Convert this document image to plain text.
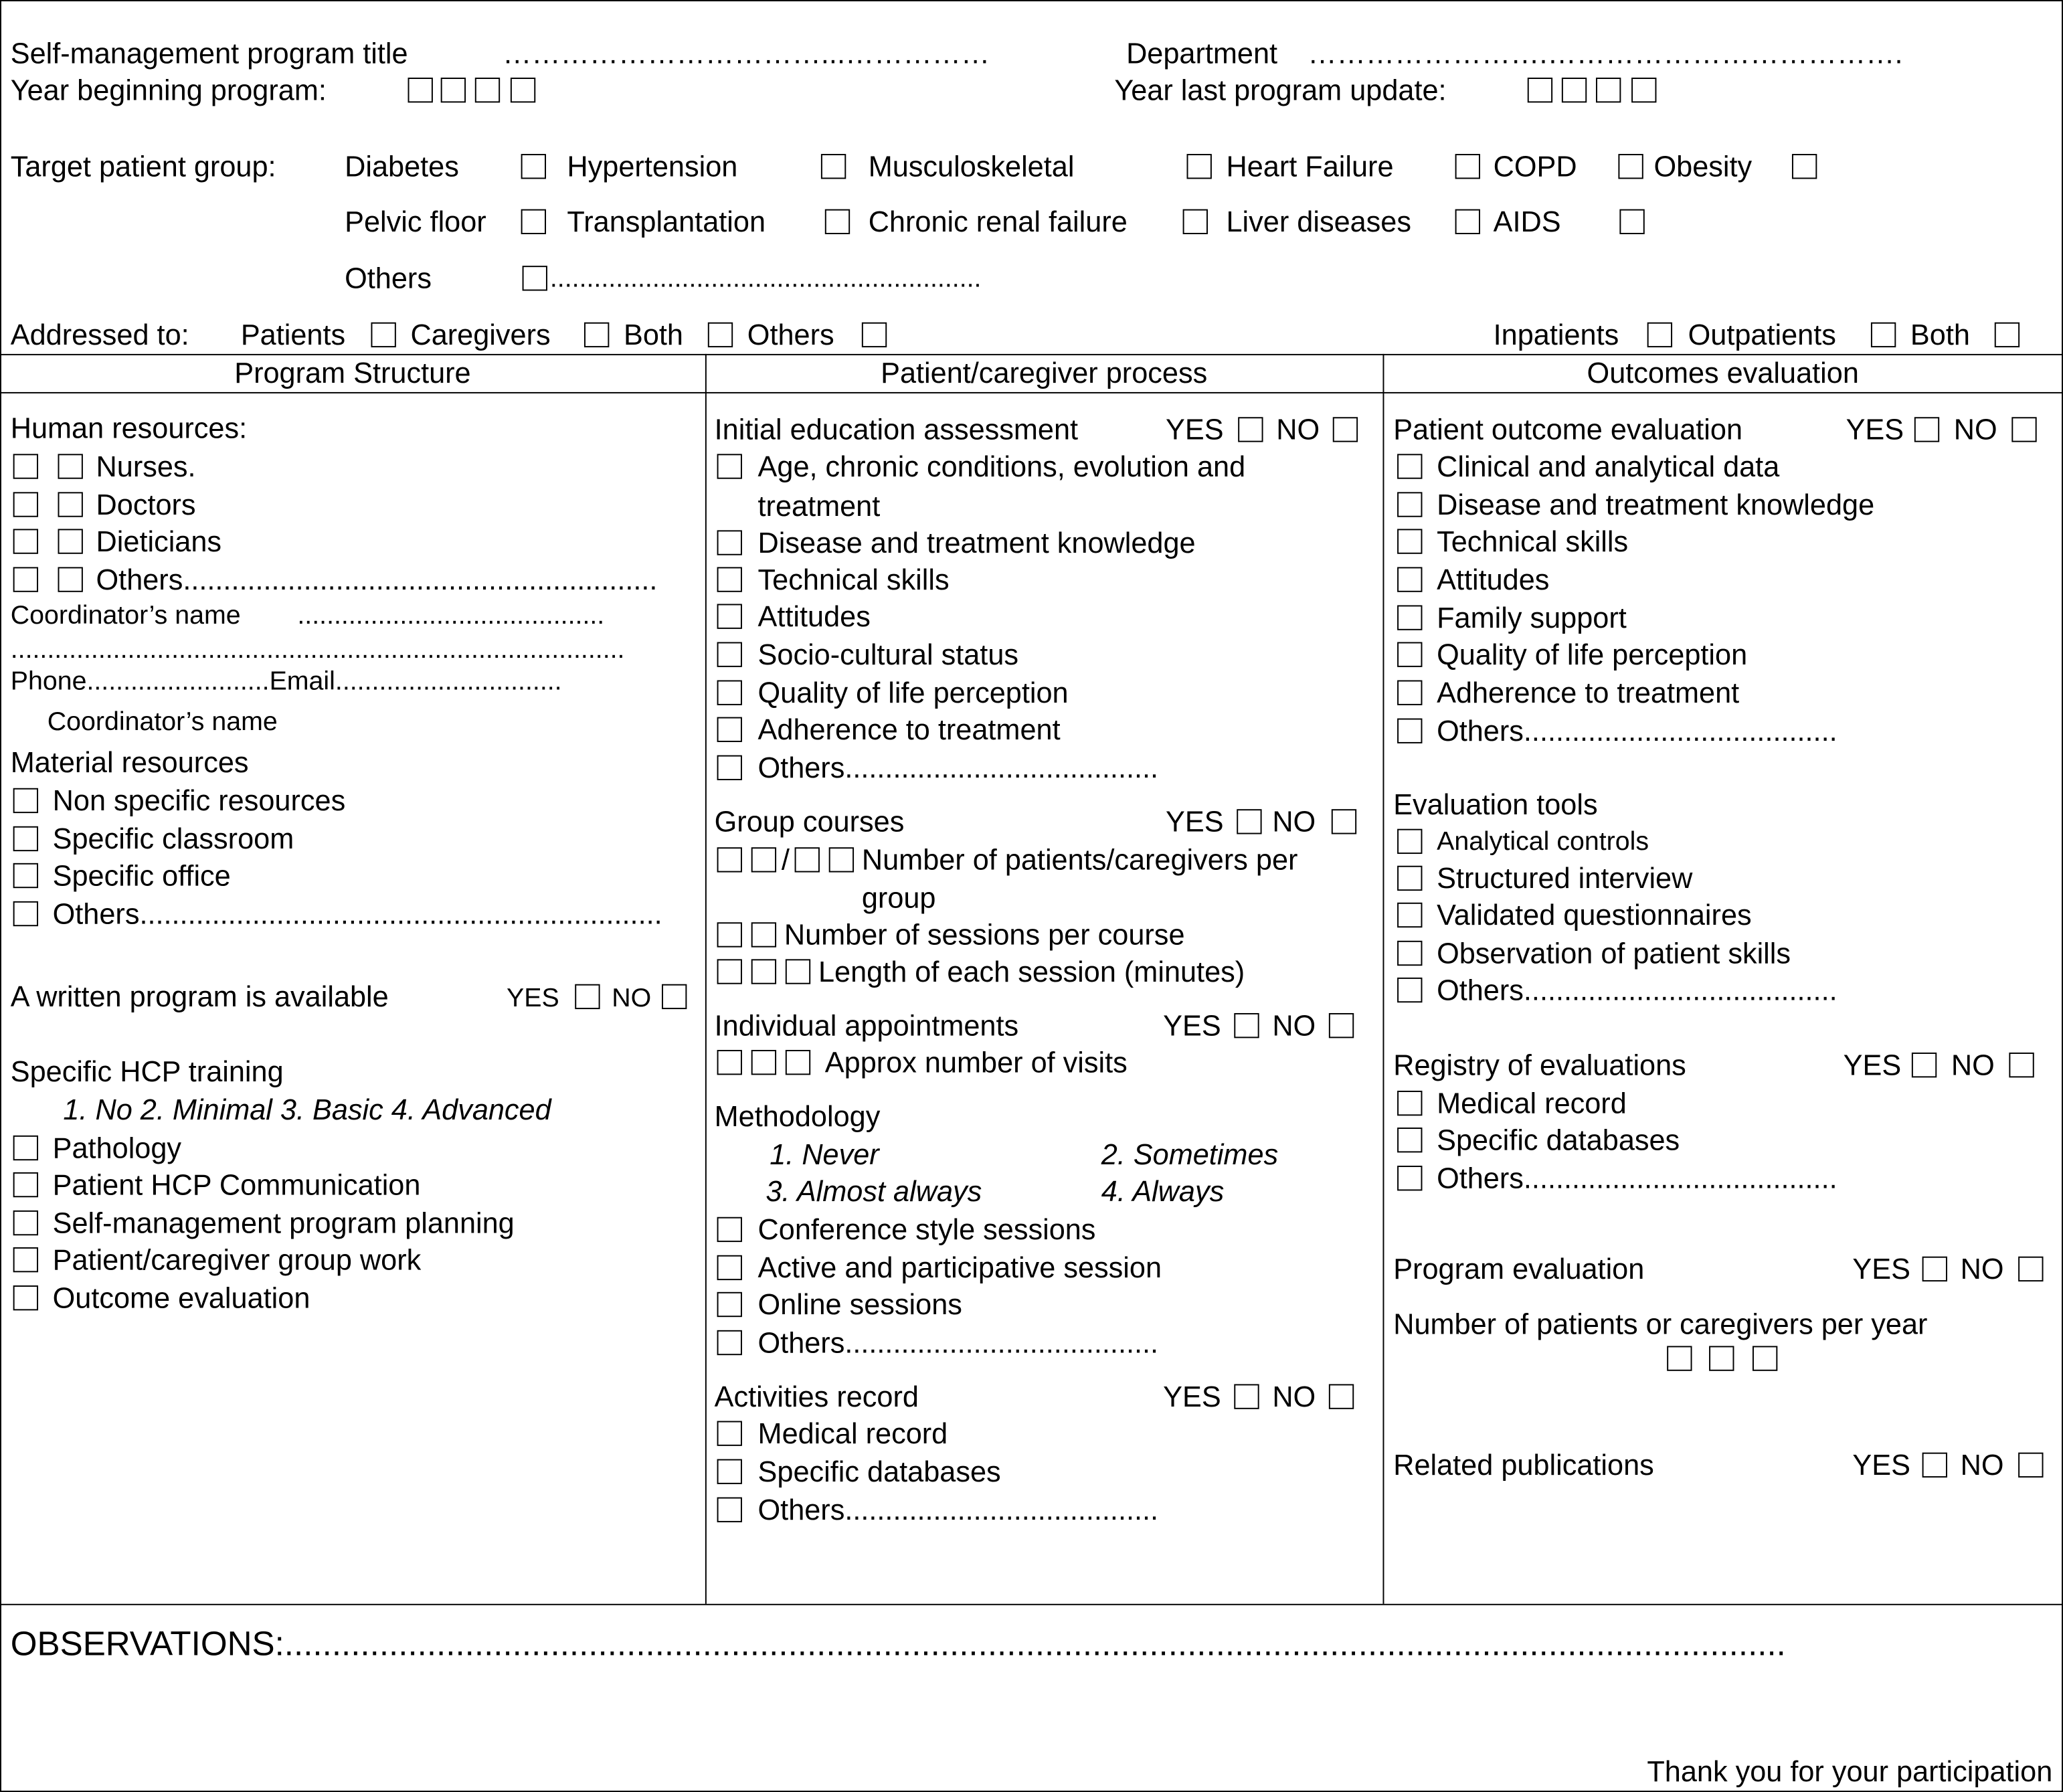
Self-management program title	……………………………...……………	Department …………………….……………………………….
Year beginning program:	Year last program update:
Target patient group:	Diabetes	Hypertension	Musculoskeletal	Heart Failure	COPD	Obesity
Pelvic floor	Transplantation	Chronic renal failure	Liver diseases	AIDS
Others	...........................................................
Addressed to:	Patients	Caregivers	Both	Others	Inpatients	Outpatients	Both
Program Structure	Patient/caregiver process	Outcomes evaluation
Human resources:
Nurses.
Doctors
Dieticians
Others...........................................................
Coordinator’s name	..........................................
....................................................................................
Phone.........................Email...............................
Coordinator’s name
Material resources
Non specific resources
Specific classroom
Specific office
Others.................................................................
A written program is available	YES	NO
Specific HCP training
1. No 2. Minimal 3. Basic 4. Advanced
Pathology
Patient HCP Communication
Self-management program planning
Patient/caregiver group work
Outcome evaluation
Initial education assessment	YES	NO
Age, chronic conditions, evolution and
treatment
Disease and treatment knowledge
Technical skills
Attitudes
Socio-cultural status
Quality of life perception
Adherence to treatment
Others.......................................
Group courses	YES	NO
/	Number of patients/caregivers per
group
Number of sessions per course
Length of each session (minutes)
Individual appointments	YES	NO
Approx number of visits
Methodology
1. Never	2. Sometimes
3. Almost always	4. Always
Conference style sessions
Active and participative session
Online sessions
Others.......................................
Activities record	YES	NO
Medical record
Specific databases
Others.......................................
Patient outcome evaluation	YES	NO
Clinical and analytical data
Disease and treatment knowledge
Technical skills
Attitudes
Family support
Quality of life perception
Adherence to treatment
Others.......................................
Evaluation tools
Analytical controls
Structured interview
Validated questionnaires
Observation of patient skills
Others.......................................
Registry of evaluations	YES	NO
Medical record
Specific databases
Others.......................................
Program evaluation	YES	NO
Number of patients or caregivers per year
Related publications	YES	NO
OBSERVATIONS:..............................................................................................................................................................
Thank you for your participation
